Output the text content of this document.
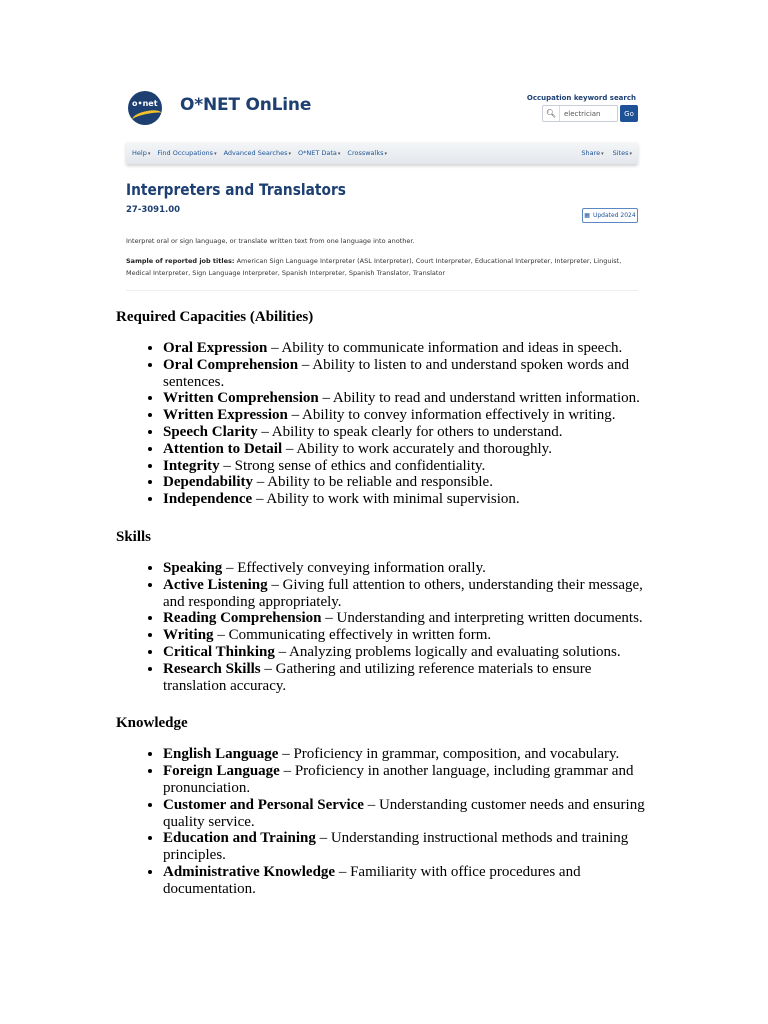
o•net O*NET OnLine	Occupation keyword search
🔍︎	electrician	Go
Help ▾	Find Occupations ▾	Advanced Searches ▾	O*NET Data ▾	Crosswalks ▾	Share ▾	Sites ▾
Interpreters and Translators
27-3091.00
▦ Updated 2024
Interpret oral or sign language, or translate written text from one language into another.
Sample of reported job titles: American Sign Language Interpreter (ASL Interpreter), Court Interpreter, Educational Interpreter, Interpreter, Linguist, Medical Interpreter, Sign Language Interpreter, Spanish Interpreter, Spanish Translator, Translator
Required Capacities (Abilities)
• Oral Expression – Ability to communicate information and ideas in speech.
• Oral Comprehension – Ability to listen to and understand spoken words and sentences.
• Written Comprehension – Ability to read and understand written information.
• Written Expression – Ability to convey information effectively in writing.
• Speech Clarity – Ability to speak clearly for others to understand.
• Attention to Detail – Ability to work accurately and thoroughly.
• Integrity – Strong sense of ethics and confidentiality.
• Dependability – Ability to be reliable and responsible.
• Independence – Ability to work with minimal supervision.
Skills
• Speaking – Effectively conveying information orally.
• Active Listening – Giving full attention to others, understanding their message, and responding appropriately.
• Reading Comprehension – Understanding and interpreting written documents.
• Writing – Communicating effectively in written form.
• Critical Thinking – Analyzing problems logically and evaluating solutions.
• Research Skills – Gathering and utilizing reference materials to ensure translation accuracy.
Knowledge
• English Language – Proficiency in grammar, composition, and vocabulary.
• Foreign Language – Proficiency in another language, including grammar and pronunciation.
• Customer and Personal Service – Understanding customer needs and ensuring quality service.
• Education and Training – Understanding instructional methods and training principles.
• Administrative Knowledge – Familiarity with office procedures and documentation.
